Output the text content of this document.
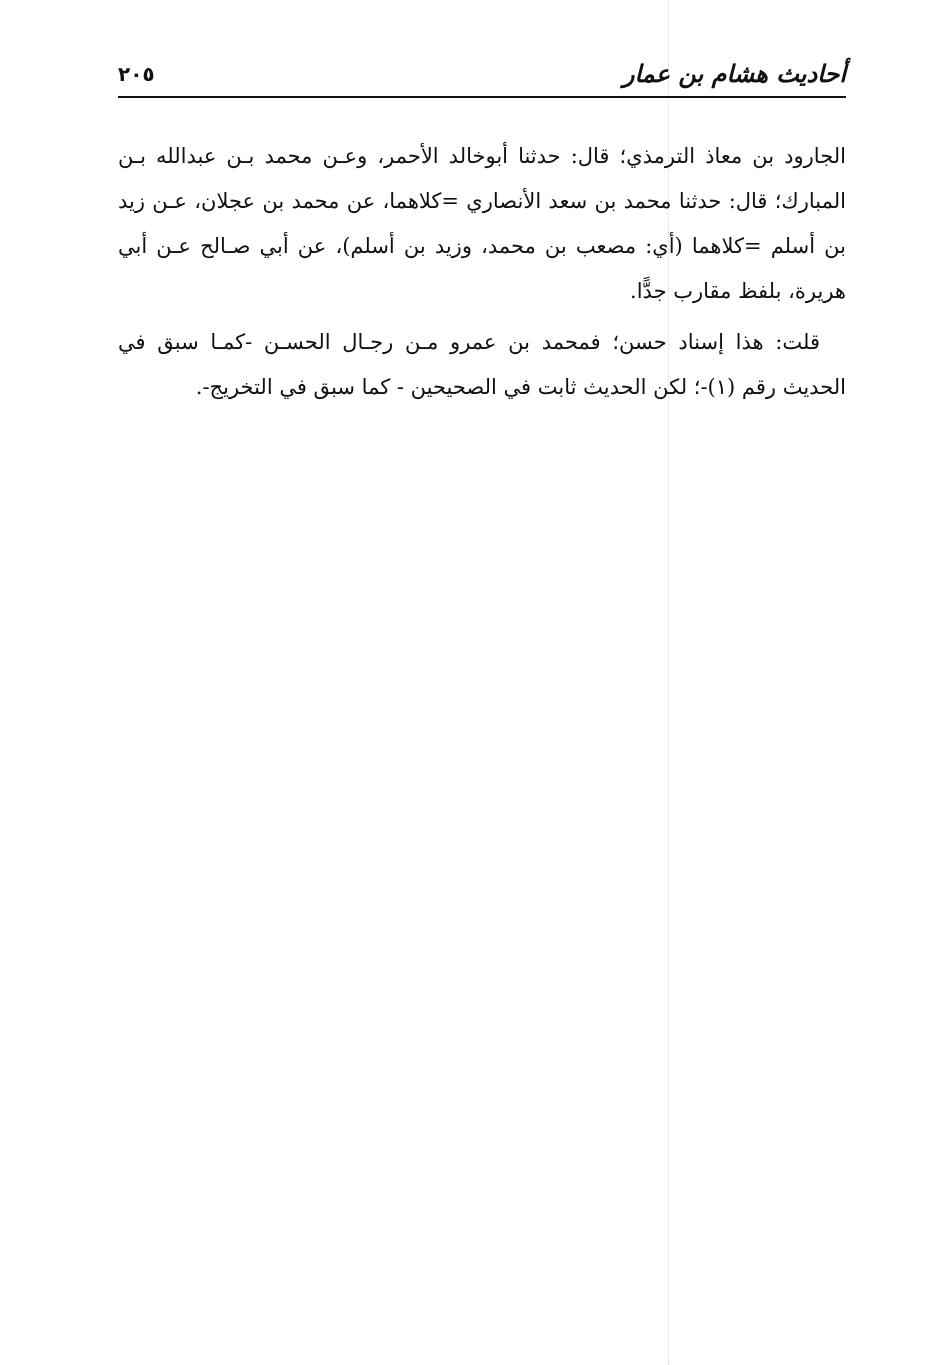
أحاديث هشام بن عمار
٢٠٥

الجارود بن معاذ الترمذي؛ قال: حدثنا أبوخالد الأحمر، وعـن محمد بـن عبدالله بـن المبارك؛ قال: حدثنا محمد بن سعد الأنصاري =كلاهما، عن محمد بن عجلان، عـن زيد بن أسلم =كلاهما (أي: مصعب بن محمد، وزيد بن أسلم)، عن أبي صـالح عـن أبي هريرة، بلفظ مقارب جدًّا.

قلت: هذا إسناد حسن؛ فمحمد بن عمرو مـن رجـال الحسـن -كمـا سبق في الحديث رقم (١)-؛ لكن الحديث ثابت في الصحيحين - كما سبق في التخريج-.
